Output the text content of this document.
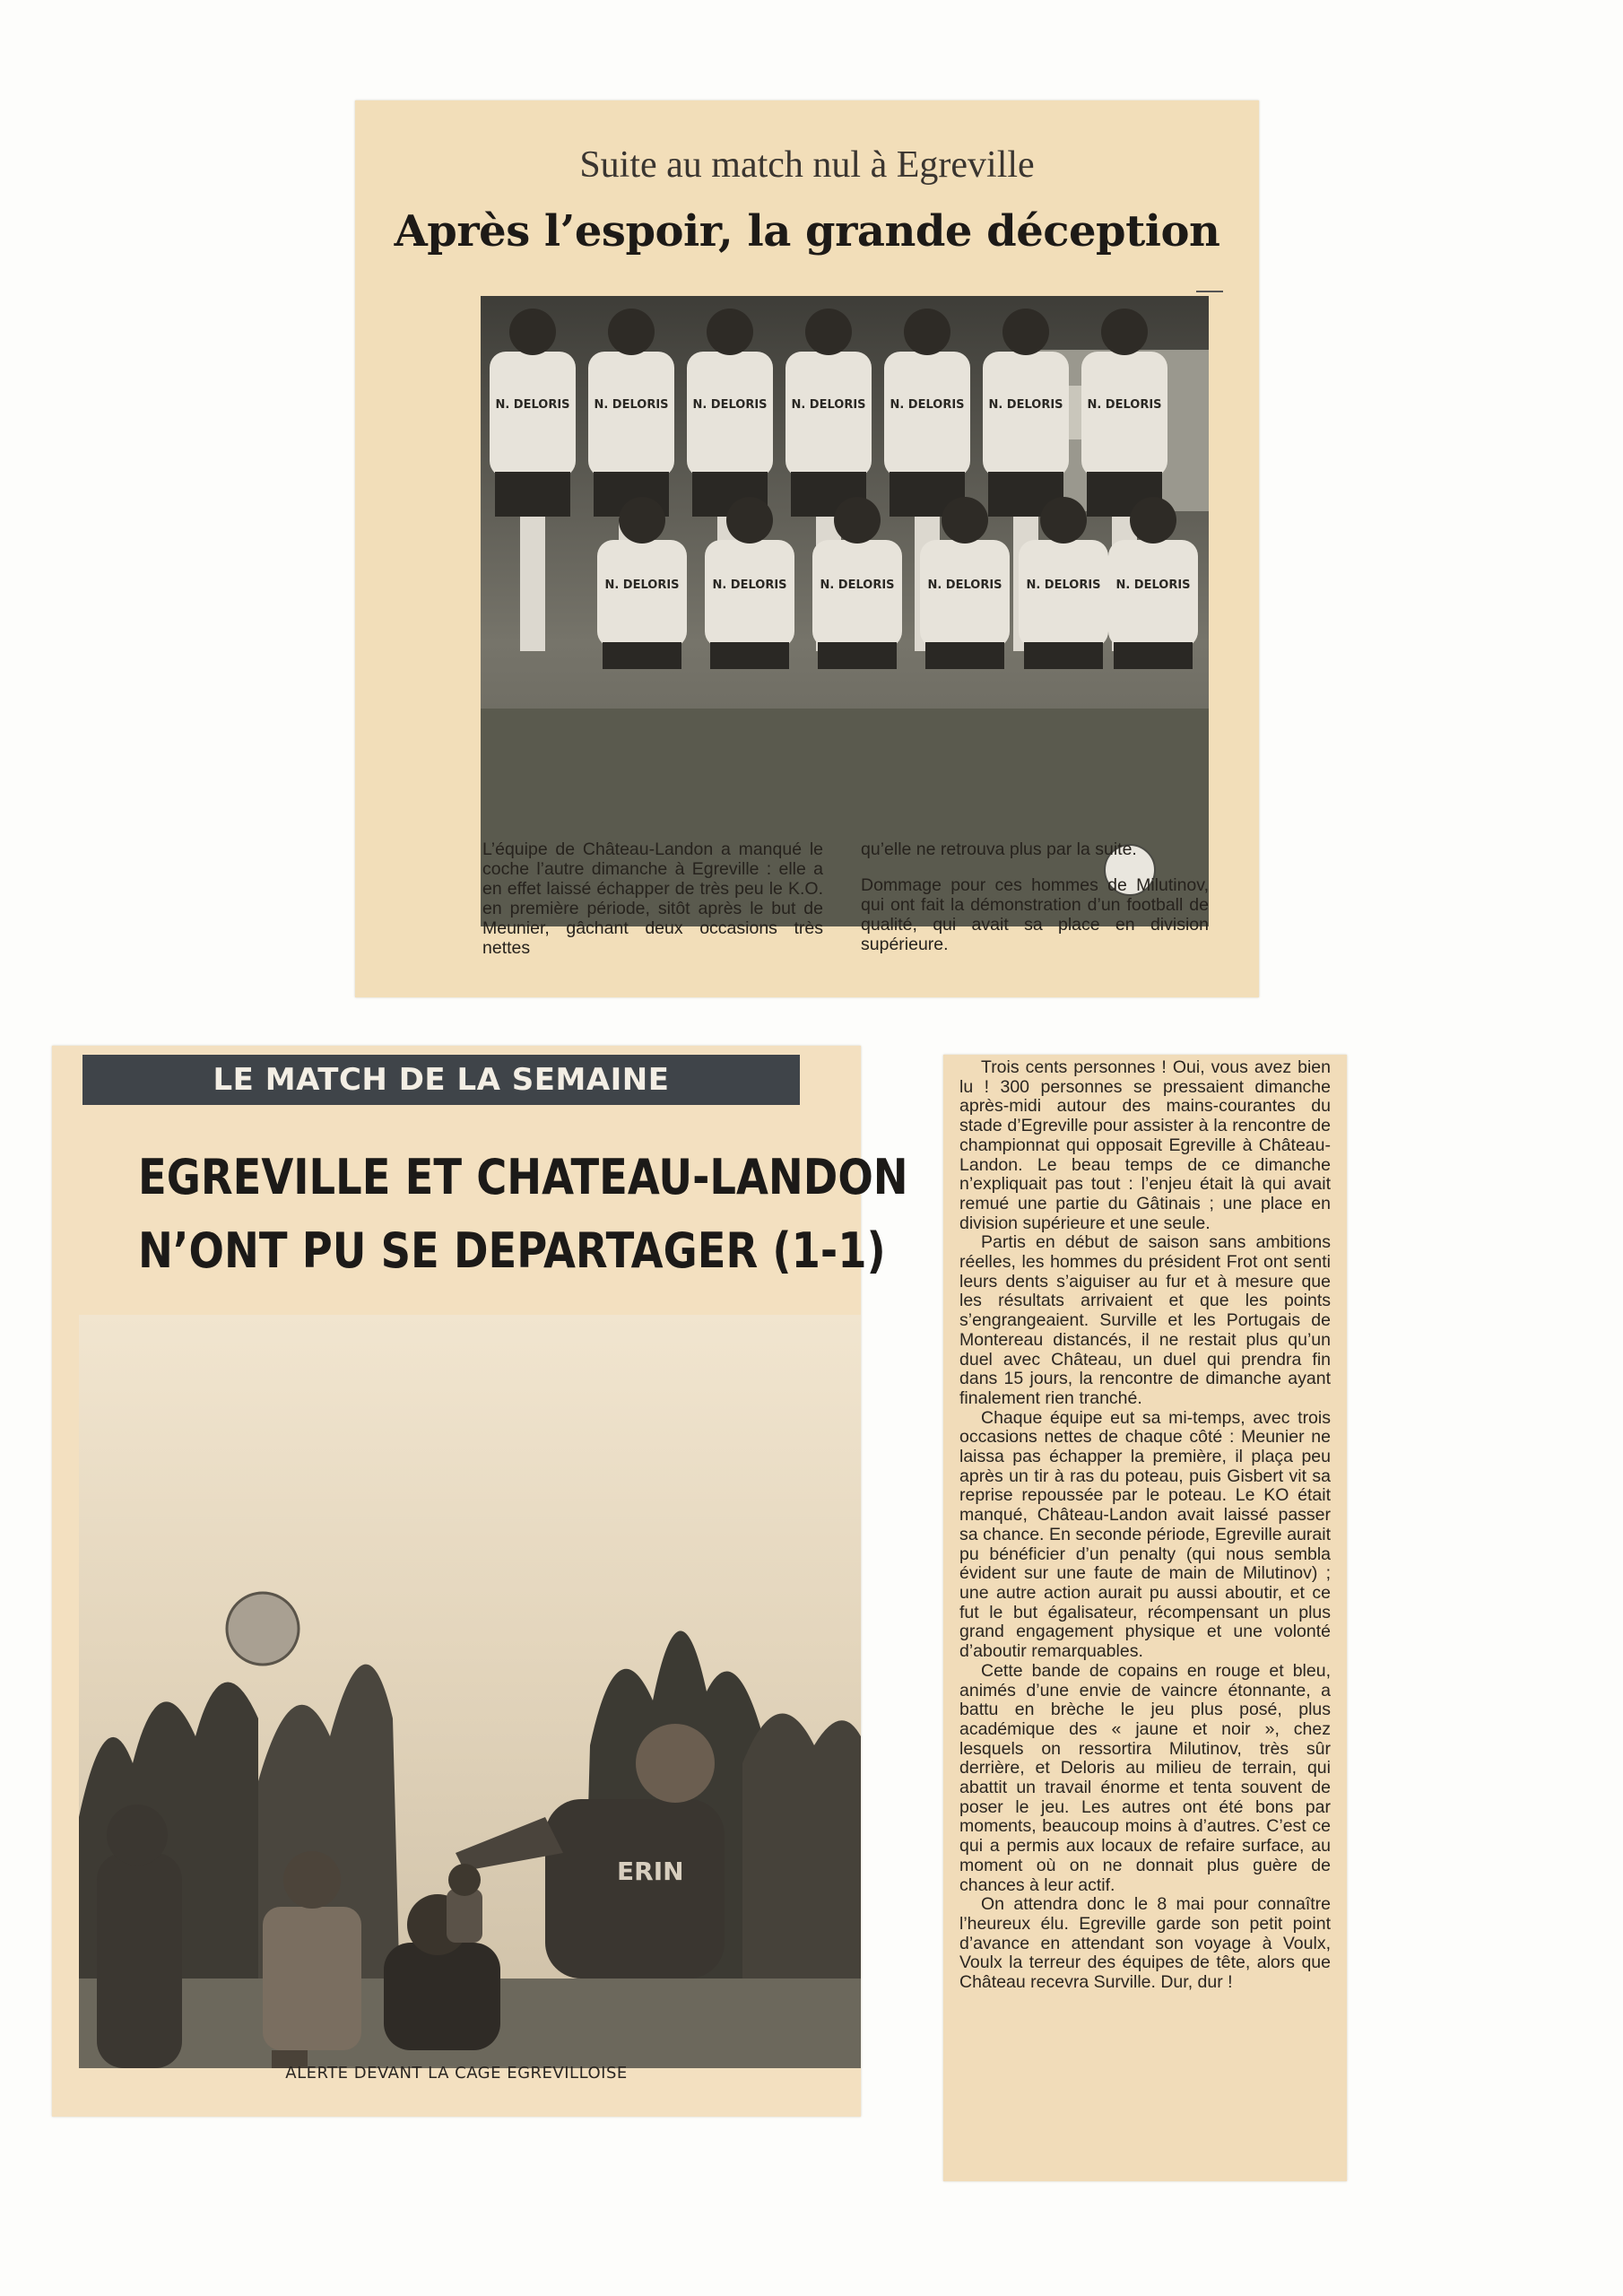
Suite au match nul à Egreville
Après l’espoir, la grande déception
N. DELORIS N. DELORIS N. DELORIS N. DELORIS N. DELORIS N. DELORIS N. DELORIS
N. DELORIS	N. DELORIS	N. DELORIS	N. DELORIS N. DELORIS N. DELORIS

L’équipe de Château-Landon a manqué le coche l’autre dimanche à Egreville : elle a en effet laissé échapper de très peu le K.O. en première période, sitôt après le but de Meunier, gâchant deux occasions très nettes

qu’elle ne retrouva plus par la suite.

Dommage pour ces hommes de Milutinov, qui ont fait la démonstration d’un football de qualité, qui avait sa place en division supérieure.

LE MATCH DE LA SEMAINE
EGREVILLE ET CHATEAU-LANDON
N’ONT PU SE DEPARTAGER (1-1)
ERIN
ALERTE DEVANT LA CAGE EGREVILLOISE

Trois cents personnes ! Oui, vous avez bien lu ! 300 personnes se pressaient dimanche après-midi autour des mains-courantes du stade d’Egreville pour assister à la rencontre de championnat qui opposait Egreville à Château-Landon. Le beau temps de ce dimanche n’expliquait pas tout : l’enjeu était là qui avait remué une partie du Gâtinais ; une place en division supérieure et une seule.

Partis en début de saison sans ambitions réelles, les hommes du président Frot ont senti leurs dents s’aiguiser au fur et à mesure que les résultats arrivaient et que les points s’engrangeaient. Surville et les Portugais de Montereau distancés, il ne restait plus qu’un duel avec Château, un duel qui prendra fin dans 15 jours, la rencontre de dimanche ayant finalement rien tranché.

Chaque équipe eut sa mi-temps, avec trois occasions nettes de chaque côté : Meunier ne laissa pas échapper la première, il plaça peu après un tir à ras du poteau, puis Gisbert vit sa reprise repoussée par le poteau. Le KO était manqué, Château-Landon avait laissé passer sa chance. En seconde période, Egreville aurait pu bénéficier d’un penalty (qui nous sembla évident sur une faute de main de Milutinov) ; une autre action aurait pu aussi aboutir, et ce fut le but égalisateur, récompensant un plus grand engagement physique et une volonté d’aboutir remarquables.

Cette bande de copains en rouge et bleu, animés d’une envie de vaincre étonnante, a battu en brèche le jeu plus posé, plus académique des « jaune et noir », chez lesquels on ressortira Milutinov, très sûr derrière, et Deloris au milieu de terrain, qui abattit un travail énorme et tenta souvent de poser le jeu. Les autres ont été bons par moments, beaucoup moins à d’autres. C’est ce qui a permis aux locaux de refaire surface, au moment où on ne donnait plus guère de chances à leur actif.

On attendra donc le 8 mai pour connaître l’heureux élu. Egreville garde son petit point d’avance en attendant son voyage à Voulx, Voulx la terreur des équipes de tête, alors que Château recevra Surville. Dur, dur !
